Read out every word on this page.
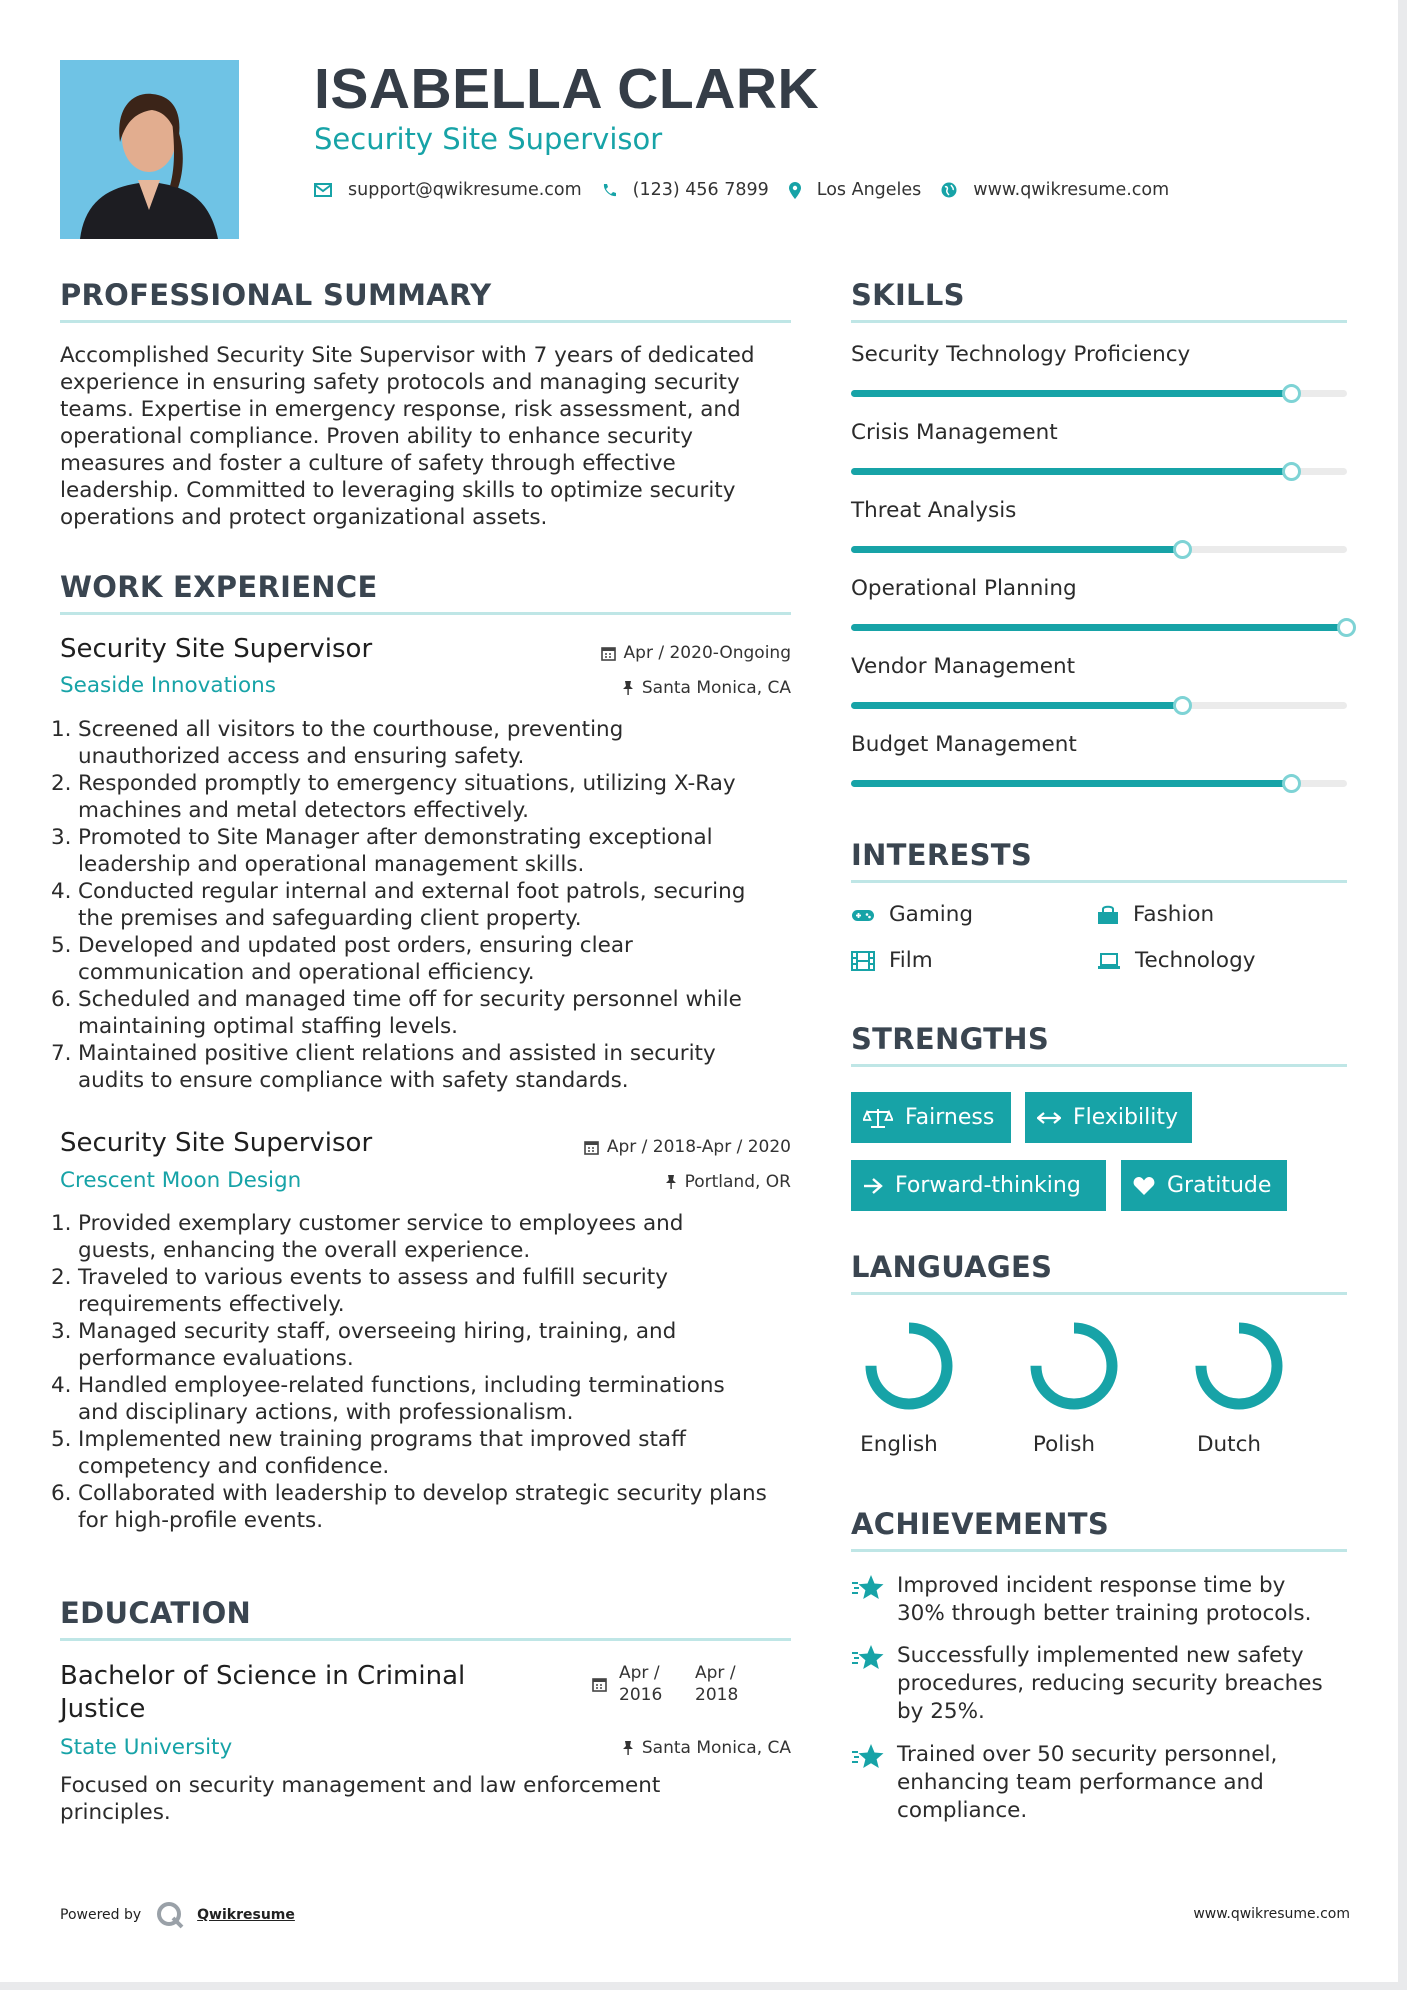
ISABELLA CLARK
Security Site Supervisor
support@qwikresume.com	(123) 456 7899	Los Angeles	www.qwikresume.com
PROFESSIONAL SUMMARY
Accomplished Security Site Supervisor with 7 years of dedicated
experience in ensuring safety protocols and managing security
teams. Expertise in emergency response, risk assessment, and
operational compliance. Proven ability to enhance security
measures and foster a culture of safety through effective
leadership. Committed to leveraging skills to optimize security
operations and protect organizational assets.
WORK EXPERIENCE
Security Site Supervisor	Apr / 2020-Ongoing
Seaside Innovations	Santa Monica, CA
1. Screened all visitors to the courthouse, preventing
unauthorized access and ensuring safety.
2. Responded promptly to emergency situations, utilizing X-Ray
machines and metal detectors effectively.
3. Promoted to Site Manager after demonstrating exceptional
leadership and operational management skills.
4. Conducted regular internal and external foot patrols, securing
the premises and safeguarding client property.
5. Developed and updated post orders, ensuring clear
communication and operational efficiency.
6. Scheduled and managed time off for security personnel while
maintaining optimal staffing levels.
7. Maintained positive client relations and assisted in security
audits to ensure compliance with safety standards.
Security Site Supervisor	Apr / 2018-Apr / 2020
Crescent Moon Design	Portland, OR
1. Provided exemplary customer service to employees and
guests, enhancing the overall experience.
2. Traveled to various events to assess and fulfill security
requirements effectively.
3. Managed security staff, overseeing hiring, training, and
performance evaluations.
4. Handled employee-related functions, including terminations
and disciplinary actions, with professionalism.
5. Implemented new training programs that improved staff
competency and confidence.
6. Collaborated with leadership to develop strategic security plans
for high-profile events.
EDUCATION
Bachelor of Science in Criminal
Justice
Apr /
2016
Apr /
2018
State University	Santa Monica, CA
Focused on security management and law enforcement
principles.
SKILLS
Security Technology Proficiency
Crisis Management
Threat Analysis
Operational Planning
Vendor Management
Budget Management
INTERESTS
Gaming	Fashion
Film	Technology
STRENGTHS
Fairness	Flexibility
Forward-thinking	Gratitude
LANGUAGES
English	Polish	Dutch
ACHIEVEMENTS
Improved incident response time by
30% through better training protocols.
Successfully implemented new safety
procedures, reducing security breaches
by 25%.
Trained over 50 security personnel,
enhancing team performance and
compliance.
Powered by	Qwikresume	www.qwikresume.com
